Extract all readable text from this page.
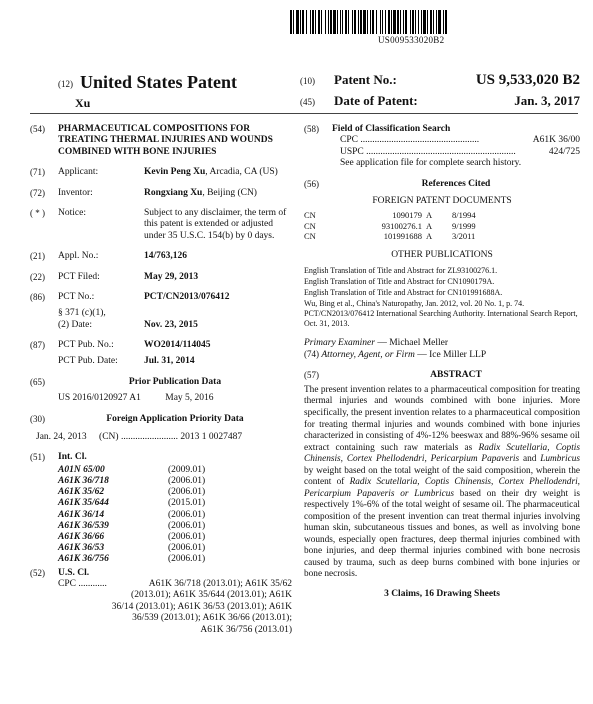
US009533020B2
(12) United States Patent
Xu
(10)	Patent No.:	US 9,533,020 B2
(45)	Date of Patent:	Jan. 3, 2017
(54)	PHARMACEUTICAL COMPOSITIONS FOR TREATING THERMAL INJURIES AND WOUNDS COMBINED WITH BONE INJURIES
(71)	Applicant:	Kevin Peng Xu, Arcadia, CA (US)
(72)	Inventor:	Rongxiang Xu, Beijing (CN)
( * )	Notice:	Subject to any disclaimer, the term of this patent is extended or adjusted under 35 U.S.C. 154(b) by 0 days.
(21)	Appl. No.:	14/763,126
(22)	PCT Filed:	May 29, 2013
(86)	PCT No.:	PCT/CN2013/076412
§ 371 (c)(1),
(2) Date:	Nov. 23, 2015
(87)	PCT Pub. No.:	WO2014/114045
PCT Pub. Date:	Jul. 31, 2014
(65)	Prior Publication Data
US 2016/0120927 A1	May 5, 2016
(30)	Foreign Application Priority Data
Jan. 24, 2013 (CN) ........................ 2013 1 0027487
(51)	Int. Cl.
A01N 65/00	(2009.01)
A61K 36/718	(2006.01)
A61K 35/62	(2006.01)
A61K 35/644	(2015.01)
A61K 36/14	(2006.01)
A61K 36/539	(2006.01)
A61K 36/66	(2006.01)
A61K 36/53	(2006.01)
A61K 36/756	(2006.01)
(52)	U.S. Cl.
CPC ............	A61K 36/718 (2013.01); A61K 35/62
(2013.01); A61K 35/644 (2013.01); A61K
36/14 (2013.01); A61K 36/53 (2013.01); A61K
36/539 (2013.01); A61K 36/66 (2013.01);
A61K 36/756 (2013.01)
(58)	Field of Classification Search
CPC
..................................................	A61K 36/00
USPC
...............................................................	424/725
See application file for complete search history.
(56)	References Cited
FOREIGN PATENT DOCUMENTS
CN	1090179	A	8/1994
CN	93100276.1	A	9/1999
CN	101991688	A	3/2011
OTHER PUBLICATIONS
English Translation of Title and Abstract for ZL93100276.1.
English Translation of Title and Abstract for CN1090179A.
English Translation of Title and Abstract for CN101991688A.
Wu, Bing et al., China's Naturopathy, Jan. 2012, vol. 20 No. 1, p. 74.
PCT/CN2013/076412 International Searching Authority. International Search Report, Oct. 31, 2013.
Primary Examiner — Michael Meller
(74) Attorney, Agent, or Firm — Ice Miller LLP
(57)	ABSTRACT
The present invention relates to a pharmaceutical composition for treating thermal injuries and wounds combined with bone injuries. More specifically, the present invention relates to a pharmaceutical composition for treating thermal injuries and wounds combined with bone injuries characterized in consisting of 4%-12% beeswax and 88%-96% sesame oil extract containing such raw materials as Radix Scutellaria, Coptis Chinensis, Cortex Phellodendri, Pericarpium Papaveris and Lumbricus by weight based on the total weight of the said composition, wherein the content of Radix Scutellaria, Coptis Chinensis, Cortex Phellodendri, Pericarpium Papaveris or Lumbricus based on their dry weight is respectively 1%-6% of the total weight of sesame oil. The pharmaceutical composition of the present invention can treat thermal injuries involving human skin, subcutaneous tissues and bones, as well as involving bone wounds, especially open fractures, deep thermal injuries combined with bone injuries, and deep thermal injuries combined with bone necrosis caused by trauma, such as deep burns combined with bone injuries or bone necrosis.
3 Claims, 16 Drawing Sheets
